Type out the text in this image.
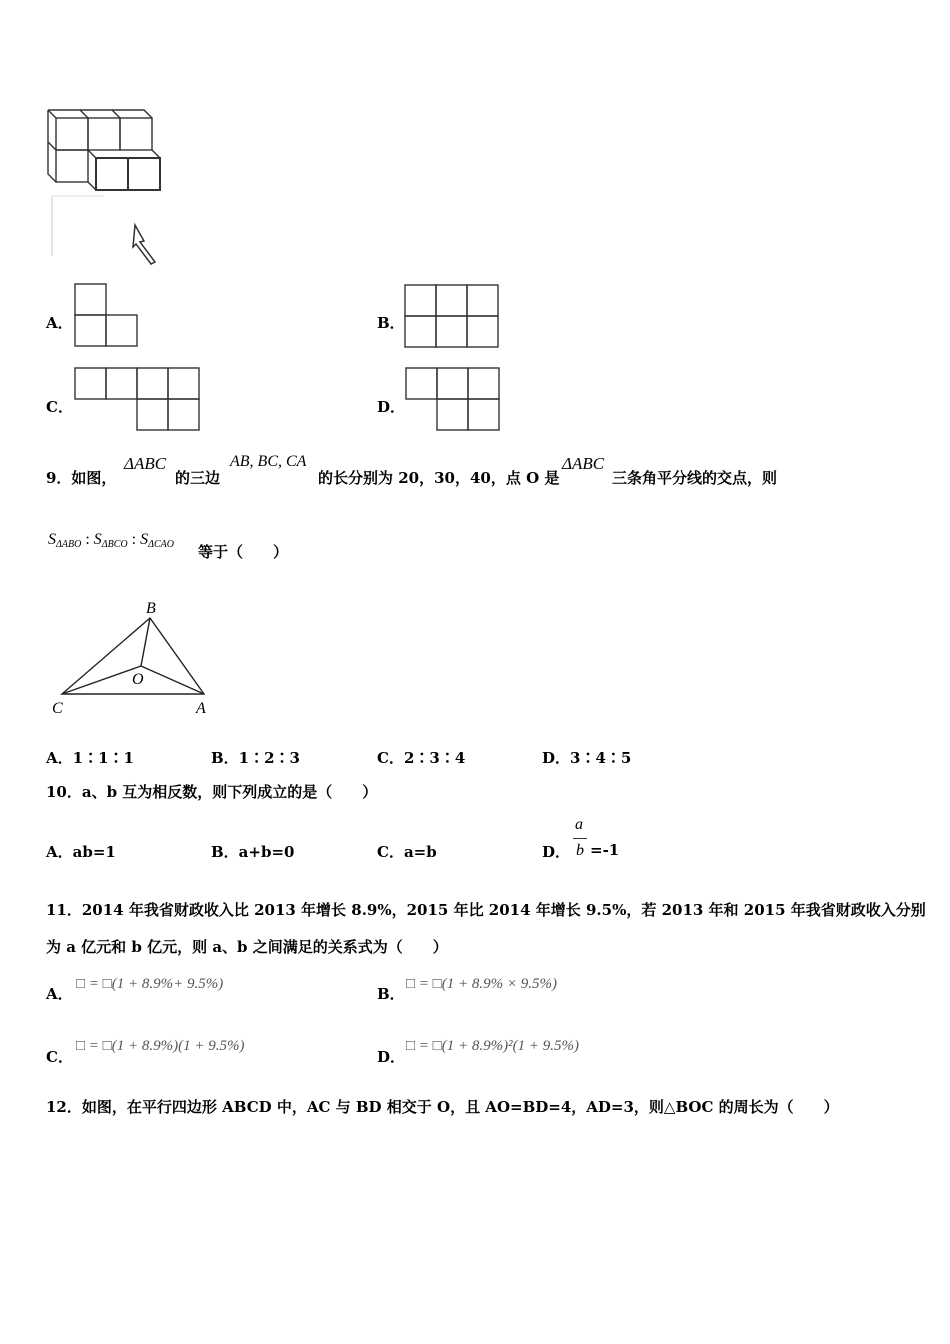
A．	B．
C．	D．
9．如图，
ΔABC
的三边
AB, BC, CA
的长分别为 20，30，40，点 O 是
ΔABC
三条角平分线的交点，则
$S_{\Delta ABO}$ : $S_{\Delta BCO}$ : $S_{\Delta CAO}$ 等于（　　）
B
O
C	A
A．1∶1∶1	B．1∶2∶3	C．2∶3∶4	D．3∶4∶5
10．a、b 互为相反数，则下列成立的是（　　）
A．ab=1	B．a+b=0	C．a=b	D．
a
b =-1
11．2014 年我省财政收入比 2013 年增长 8.9%，2015 年比 2014 年增长 9.5%，若 2013 年和 2015 年我省财政收入分别
为 a 亿元和 b 亿元，则 a、b 之间满足的关系式为（　　）
A．
□ = □(1 + 8.9%+ 9.5%)
B．
□ = □(1 + 8.9% × 9.5%)
C．
□ = □(1 + 8.9%)(1 + 9.5%)
D．
□ = □(1 + 8.9%)²(1 + 9.5%)
12．如图，在平行四边形 ABCD 中，AC 与 BD 相交于 O，且 AO=BD=4，AD=3，则△BOC 的周长为（　　）
